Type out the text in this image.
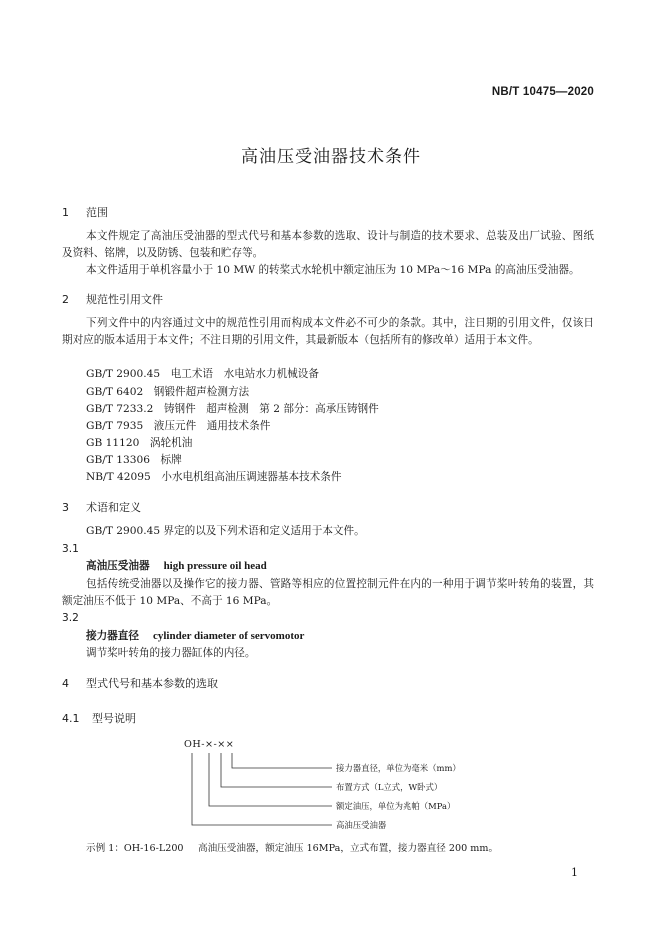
NB/T 10475—2020
高油压受油器技术条件
1 范围
本文件规定了高油压受油器的型式代号和基本参数的选取、设计与制造的技术要求、总装及出厂试验、图纸及资料、铭牌，以及防锈、包装和贮存等。
本文件适用于单机容量小于 10 MW 的转桨式水轮机中额定油压为 10 MPa～16 MPa 的高油压受油器。
2 规范性引用文件
下列文件中的内容通过文中的规范性引用而构成本文件必不可少的条款。其中，注日期的引用文件，仅该日期对应的版本适用于本文件；不注日期的引用文件，其最新版本（包括所有的修改单）适用于本文件。
GB/T 2900.45　电工术语　水电站水力机械设备
GB/T 6402　钢锻件超声检测方法
GB/T 7233.2　铸钢件　超声检测　第 2 部分：高承压铸钢件
GB/T 7935　液压元件　通用技术条件
GB 11120　涡轮机油
GB/T 13306　标牌
NB/T 42095　小水电机组高油压调速器基本技术条件
3 术语和定义
GB/T 2900.45 界定的以及下列术语和定义适用于本文件。
3.1
高油压受油器 high pressure oil head
包括传统受油器以及操作它的接力器、管路等相应的位置控制元件在内的一种用于调节桨叶转角的装置，其额定油压不低于 10 MPa、不高于 16 MPa。
3.2
接力器直径 cylinder diameter of servomotor
调节桨叶转角的接力器缸体的内径。
4 型式代号和基本参数的选取
4.1 型号说明
OH-×-××
接力器直径，单位为毫米（mm）
布置方式（L立式，W卧式）
额定油压，单位为兆帕（MPa）
高油压受油器
示例 1：OH-16-L200 高油压受油器，额定油压 16MPa，立式布置，接力器直径 200 mm。
1
